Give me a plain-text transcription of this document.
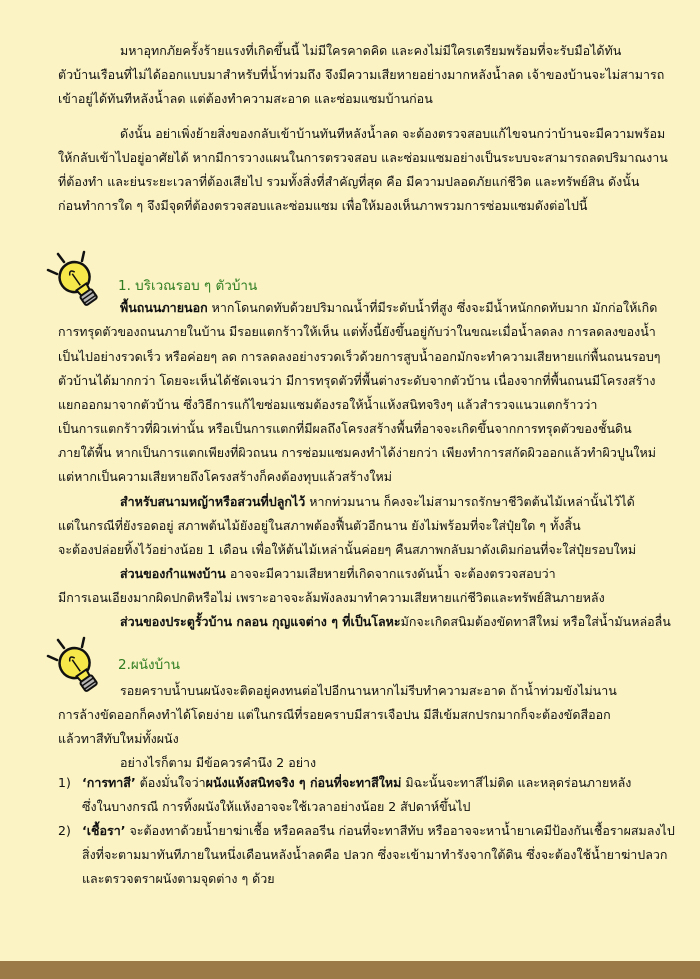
มหาอุทกภัยครั้งร้ายแรงที่เกิดขึ้นนี้ ไม่มีใครคาดคิด และคงไม่มีใครเตรียมพร้อมที่จะรับมือได้ทัน
ตัวบ้านเรือนที่ไม่ได้ออกแบบมาสำหรับที่น้ำท่วมถึง จึงมีความเสียหายอย่างมากหลังน้ำลด เจ้าของบ้านจะไม่สามารถ
เข้าอยู่ได้ทันทีหลังน้ำลด แต่ต้องทำความสะอาด และซ่อมแซมบ้านก่อน
ดังนั้น อย่าเพิ่งย้ายสิ่งของกลับเข้าบ้านทันทีหลังน้ำลด จะต้องตรวจสอบแก้ไขจนกว่าบ้านจะมีความพร้อม
ให้กลับเข้าไปอยู่อาศัยได้ หากมีการวางแผนในการตรวจสอบ และซ่อมแซมอย่างเป็นระบบจะสามารถลดปริมาณงาน
ที่ต้องทำ และย่นระยะเวลาที่ต้องเสียไป รวมทั้งสิ่งที่สำคัญที่สุด คือ มีความปลอดภัยแก่ชีวิต และทรัพย์สิน ดังนั้น
ก่อนทำการใด ๆ จึงมีจุดที่ต้องตรวจสอบและซ่อมแซม เพื่อให้มองเห็นภาพรวมการซ่อมแซมดังต่อไปนี้
1. บริเวณรอบ ๆ ตัวบ้าน
พื้นถนนภายนอก หากโดนกดทับด้วยปริมาณน้ำที่มีระดับน้ำที่สูง ซึ่งจะมีน้ำหนักกดทับมาก มักก่อให้เกิด
การทรุดตัวของถนนภายในบ้าน มีรอยแตกร้าวให้เห็น แต่ทั้งนี้ยังขึ้นอยู่กับว่าในขณะเมื่อน้ำลดลง การลดลงของน้ำ
เป็นไปอย่างรวดเร็ว หรือค่อยๆ ลด การลดลงอย่างรวดเร็วด้วยการสูบน้ำออกมักจะทำความเสียหายแก่พื้นถนนรอบๆ
ตัวบ้านได้มากกว่า โดยจะเห็นได้ชัดเจนว่า มีการทรุดตัวที่พื้นต่างระดับจากตัวบ้าน เนื่องจากที่พื้นถนนมีโครงสร้าง
แยกออกมาจากตัวบ้าน ซึ่งวิธีการแก้ไขซ่อมแซมต้องรอให้น้ำแห้งสนิทจริงๆ แล้วสำรวจแนวแตกร้าวว่า
เป็นการแตกร้าวที่ผิวเท่านั้น หรือเป็นการแตกที่มีผลถึงโครงสร้างพื้นที่อาจจะเกิดขึ้นจากการทรุดตัวของชั้นดิน
ภายใต้พื้น หากเป็นการแตกเพียงที่ผิวถนน การซ่อมแซมคงทำได้ง่ายกว่า เพียงทำการสกัดผิวออกแล้วทำผิวปูนใหม่
แต่หากเป็นความเสียหายถึงโครงสร้างก็คงต้องทุบแล้วสร้างใหม่
สำหรับสนามหญ้าหรือสวนที่ปลูกไว้ หากท่วมนาน ก็คงจะไม่สามารถรักษาชีวิตต้นไม้เหล่านั้นไว้ได้
แต่ในกรณีที่ยังรอดอยู่ สภาพต้นไม้ยังอยู่ในสภาพต้องฟื้นตัวอีกนาน ยังไม่พร้อมที่จะใส่ปุ๋ยใด ๆ ทั้งสิ้น
จะต้องปล่อยทิ้งไว้อย่างน้อย 1 เดือน เพื่อให้ต้นไม้เหล่านั้นค่อยๆ คืนสภาพกลับมาดังเดิมก่อนที่จะใส่ปุ๋ยรอบใหม่
ส่วนของกำแพงบ้าน อาจจะมีความเสียหายที่เกิดจากแรงดันน้ำ จะต้องตรวจสอบว่า
มีการเอนเอียงมากผิดปกติหรือไม่ เพราะอาจจะล้มพังลงมาทำความเสียหายแก่ชีวิตและทรัพย์สินภายหลัง
ส่วนของประตูรั้วบ้าน กลอน กุญแจต่าง ๆ ที่เป็นโลหะมักจะเกิดสนิมต้องขัดทาสีใหม่ หรือใส่น้ำมันหล่อลื่น
2.ผนังบ้าน
รอยคราบน้ำบนผนังจะติดอยู่คงทนต่อไปอีกนานหากไม่รีบทำความสะอาด ถ้าน้ำท่วมขังไม่นาน
การล้างขัดออกก็คงทำได้โดยง่าย แต่ในกรณีที่รอยคราบมีสารเจือปน มีสีเข้มสกปรกมากก็จะต้องขัดสีออก
แล้วทาสีทับใหม่ทั้งผนัง
อย่างไรก็ตาม มีข้อควรคำนึง 2 อย่าง
1) ‘การทาสี’ ต้องมั่นใจว่าผนังแห้งสนิทจริง ๆ ก่อนที่จะทาสีใหม่ มิฉะนั้นจะทาสีไม่ติด และหลุดร่อนภายหลัง
ซึ่งในบางกรณี การทิ้งผนังให้แห้งอาจจะใช้เวลาอย่างน้อย 2 สัปดาห์ขึ้นไป
2) ‘เชื้อรา’ จะต้องทาด้วยน้ำยาฆ่าเชื้อ หรือคลอรีน ก่อนที่จะทาสีทับ หรืออาจจะหาน้ำยาเคมีป้องกันเชื้อราผสมลงไป
สิ่งที่จะตามมาทันทีภายในหนึ่งเดือนหลังน้ำลดคือ ปลวก ซึ่งจะเข้ามาทำรังจากใต้ดิน ซึ่งจะต้องใช้น้ำยาฆ่าปลวก
และตรวจตราผนังตามจุดต่าง ๆ ด้วย
